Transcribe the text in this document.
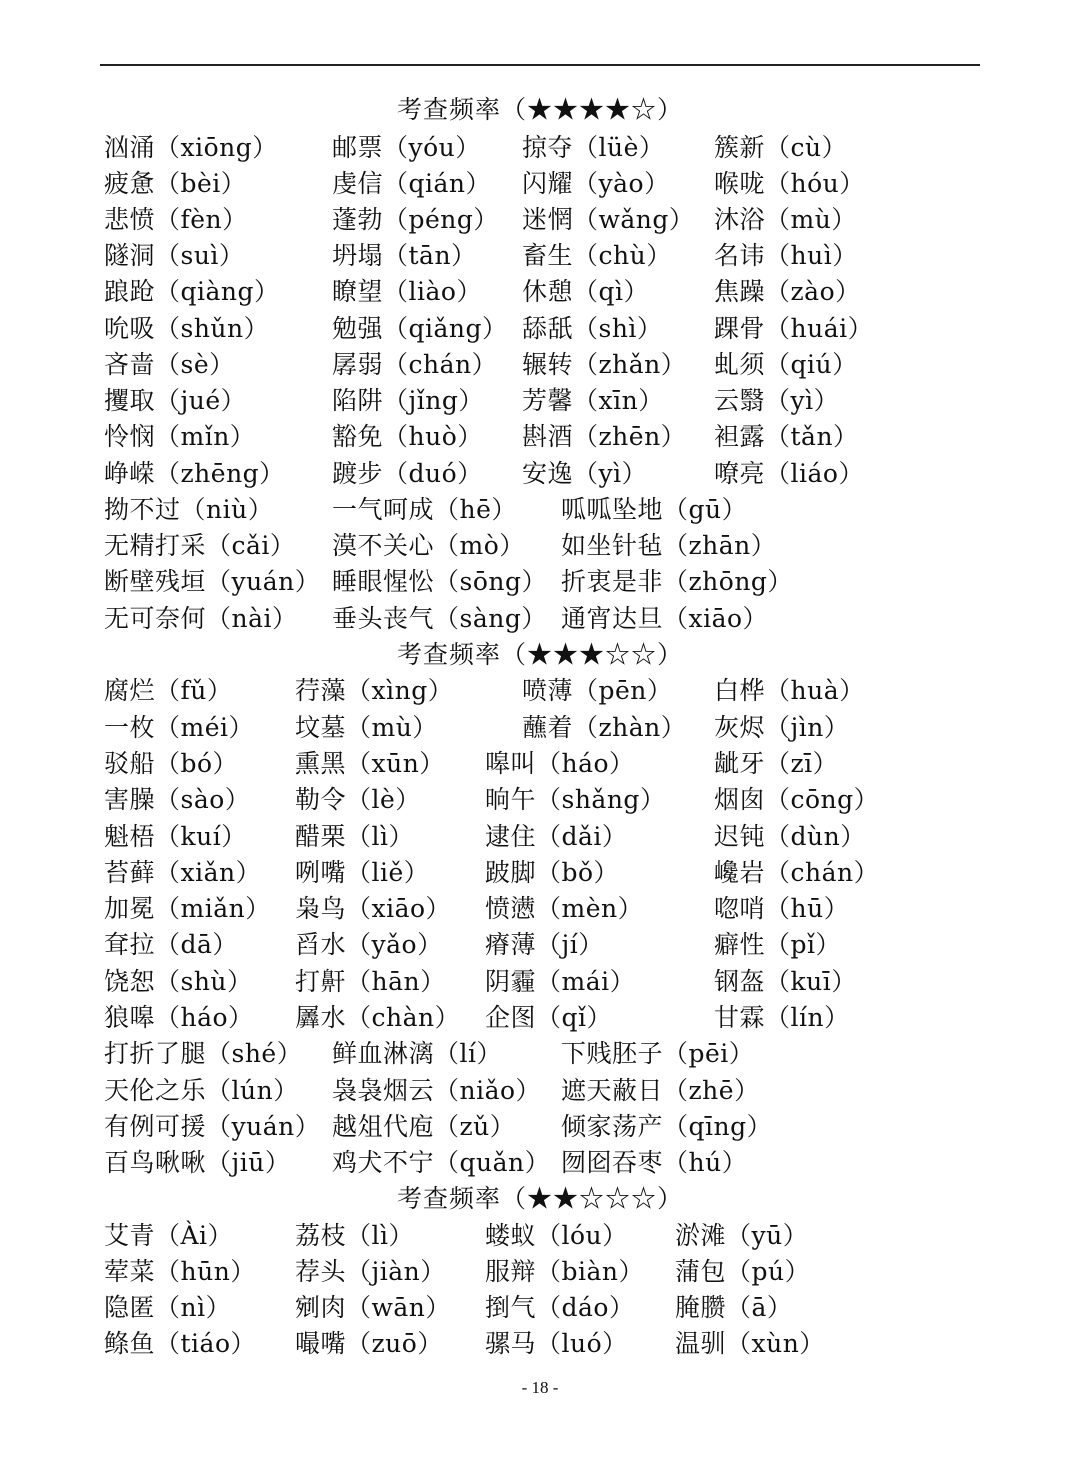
考查频率（★★★★☆）
汹涌（xiōng） 邮票（yóu） 掠夺（lüè） 簇新（cù）
疲惫（bèi）	虔信（qián） 闪耀（yào） 喉咙（hóu）
悲愤（fèn）	蓬勃（péng） 迷惘（wǎng） 沐浴（mù）
隧洞（suì）	坍塌（tān） 畜生（chù） 名讳（huì）
踉跄（qiàng） 瞭望（liào） 休憩（qì）	焦躁（zào）
吮吸（shǔn）	勉强（qiǎng） 舔舐（shì） 踝骨（huái）
吝啬（sè）	孱弱（chán） 辗转（zhǎn） 虬须（qiú）
攫取（jué）	陷阱（jǐng） 芳馨（xīn） 云翳（yì）
怜悯（mǐn）	豁免（huò） 斟酒（zhēn） 袒露（tǎn）
峥嵘（zhēng） 踱步（duó） 安逸（yì）	嘹亮（liáo）
拗不过（niù） 一气呵成（hē） 呱呱坠地（gū）
无精打采（cǎi） 漠不关心（mò） 如坐针毡（zhān）
断壁残垣（yuán） 睡眼惺忪（sōng） 折衷是非（zhōng）
无可奈何（nài） 垂头丧气（sàng） 通宵达旦（xiāo）
考查频率（★★★☆☆）
腐烂（fǔ）	荇藻（xìng）	喷薄（pēn） 白桦（huà）
一枚（méi） 坟墓（mù）	蘸着（zhàn） 灰烬（jìn）
驳船（bó） 熏黑（xūn） 嗥叫（háo）	龇牙（zī）
害臊（sào） 勒令（lè）	晌午（shǎng） 烟囱（cōng）
魁梧（kuí） 醋栗（lì）	逮住（dǎi）	迟钝（dùn）
苔藓（xiǎn） 咧嘴（liě） 跛脚（bǒ）	巉岩（chán）
加冕（miǎn） 枭鸟（xiāo） 愤懑（mèn）	唿哨（hū）
耷拉（dā） 舀水（yǎo） 瘠薄（jí）	癖性（pǐ）
饶恕（shù） 打鼾（hān） 阴霾（mái）	钢盔（kuī）
狼嗥（háo） 羼水（chàn） 企图（qǐ）	甘霖（lín）
打折了腿（shé） 鲜血淋漓（lí） 下贱胚子（pēi）
天伦之乐（lún） 袅袅烟云（niǎo） 遮天蔽日（zhē）
有例可援（yuán） 越俎代庖（zǔ） 倾家荡产（qīng）
百鸟啾啾（jiū） 鸡犬不宁（quǎn） 囫囵吞枣（hú）
考查频率（★★☆☆☆）
艾青（Ài） 荔枝（lì）	蝼蚁（lóu） 淤滩（yū）
荤菜（hūn） 荐头（jiàn） 服辩（biàn） 蒲包（pú）
隐匿（nì）	剜肉（wān） 捯气（dáo） 腌臜（ā）
鲦鱼（tiáo） 嘬嘴（zuō） 骡马（luó） 温驯（xùn）
- 18 -
